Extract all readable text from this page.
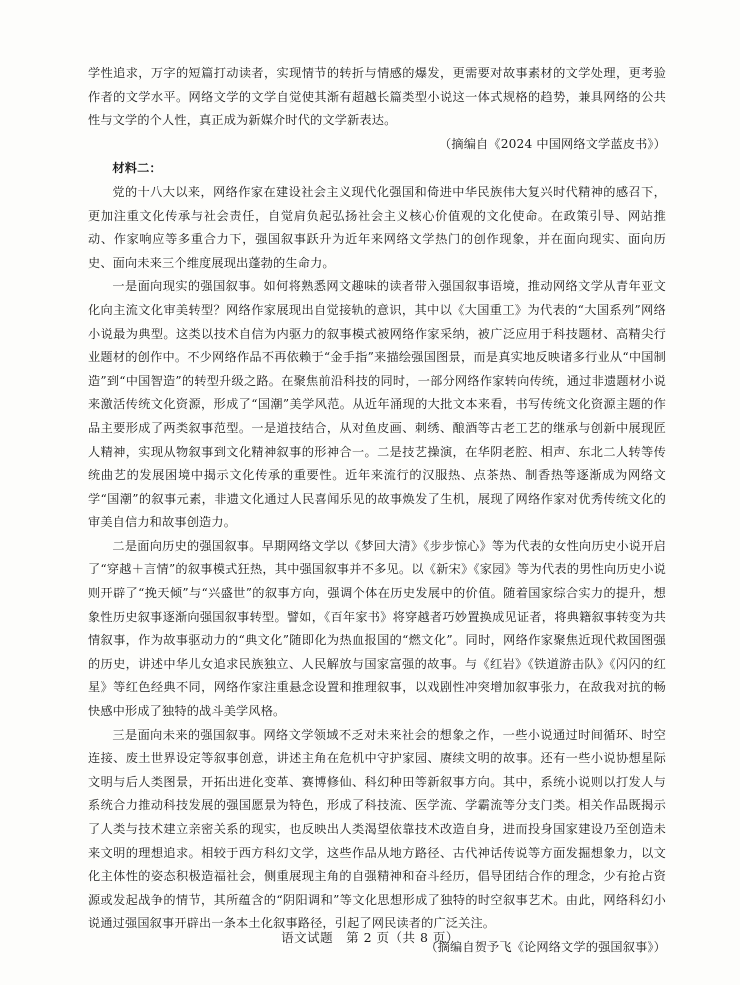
学性追求，万字的短篇打动读者，实现情节的转折与情感的爆发，更需要对故事素材的文学处理，更考验作者的文学水平。网络文学的文学自觉使其渐有超越长篇类型小说这一体式规格的趋势，兼具网络的公共性与文学的个人性，真正成为新媒介时代的文学新表达。

（摘编自《2024 中国网络文学蓝皮书》）

材料二：

党的十八大以来，网络作家在建设社会主义现代化强国和倚进中华民族伟大复兴时代精神的感召下，更加注重文化传承与社会责任，自觉肩负起弘扬社会主义核心价值观的文化使命。在政策引导、网站推动、作家响应等多重合力下，强国叙事跃升为近年来网络文学热门的创作现象，并在面向现实、面向历史、面向未来三个维度展现出蓬勃的生命力。

一是面向现实的强国叙事。如何将熟悉网文趣味的读者带入强国叙事语境，推动网络文学从青年亚文化向主流文化审美转型？网络作家展现出自觉接轨的意识，其中以《大国重工》为代表的“大国系列”网络小说最为典型。这类以技术自信为内驱力的叙事模式被网络作家采纳，被广泛应用于科技题材、高精尖行业题材的创作中。不少网络作品不再依赖于“金手指”来描绘强国图景，而是真实地反映诸多行业从“中国制造”到“中国智造”的转型升级之路。在聚焦前沿科技的同时，一部分网络作家转向传统，通过非遗题材小说来激活传统文化资源，形成了“国潮”美学风范。从近年涌现的大批文本来看，书写传统文化资源主题的作品主要形成了两类叙事范型。一是道技结合，从对鱼皮画、刺绣、酿酒等古老工艺的继承与创新中展现匠人精神，实现从物叙事到文化精神叙事的形神合一。二是技艺操演，在华阴老腔、相声、东北二人转等传统曲艺的发展困境中揭示文化传承的重要性。近年来流行的汉服热、点茶热、制香热等逐渐成为网络文学“国潮”的叙事元素，非遗文化通过人民喜闻乐见的故事焕发了生机，展现了网络作家对优秀传统文化的审美自信力和故事创造力。

二是面向历史的强国叙事。早期网络文学以《梦回大清》《步步惊心》等为代表的女性向历史小说开启了“穿越＋言情”的叙事模式狂热，其中强国叙事并不多见。以《新宋》《家园》等为代表的男性向历史小说则开辟了“挽天倾”与“兴盛世”的叙事方向，强调个体在历史发展中的价值。随着国家综合实力的提升，想象性历史叙事逐渐向强国叙事转型。譬如，《百年家书》将穿越者巧妙置换成见证者，将典籍叙事转变为共情叙事，作为故事驱动力的“典文化”随即化为热血报国的“燃文化”。同时，网络作家聚焦近现代救国图强的历史，讲述中华儿女追求民族独立、人民解放与国家富强的故事。与《红岩》《铁道游击队》《闪闪的红星》等红色经典不同，网络作家注重悬念设置和推理叙事，以戏剧性冲突增加叙事张力，在敌我对抗的畅快感中形成了独特的战斗美学风格。

三是面向未来的强国叙事。网络文学领域不乏对未来社会的想象之作，一些小说通过时间循环、时空连接、废土世界设定等叙事创意，讲述主角在危机中守护家园、赓续文明的故事。还有一些小说协想星际文明与后人类图景，开拓出进化变革、赛博修仙、科幻种田等新叙事方向。其中，系统小说则以打发人与系统合力推动科技发展的强国愿景为特色，形成了科技流、医学流、学霸流等分支门类。相关作品既揭示了人类与技术建立亲密关系的现实，也反映出人类渴望依靠技术改造自身，进而投身国家建设乃至创造未来文明的理想追求。相较于西方科幻文学，这些作品从地方路径、古代神话传说等方面发掘想象力，以文化主体性的姿态积极造福社会，侧重展现主角的自强精神和奋斗经历，倡导团结合作的理念，少有抢占资源或发起战争的情节，其所蕴含的“阴阳调和”等文化思想形成了独特的时空叙事艺术。由此，网络科幻小说通过强国叙事开辟出一条本土化叙事路径，引起了网民读者的广泛关注。

（摘编自贺予飞《论网络文学的强国叙事》）

语文试题　第 2 页（共 8 页）
